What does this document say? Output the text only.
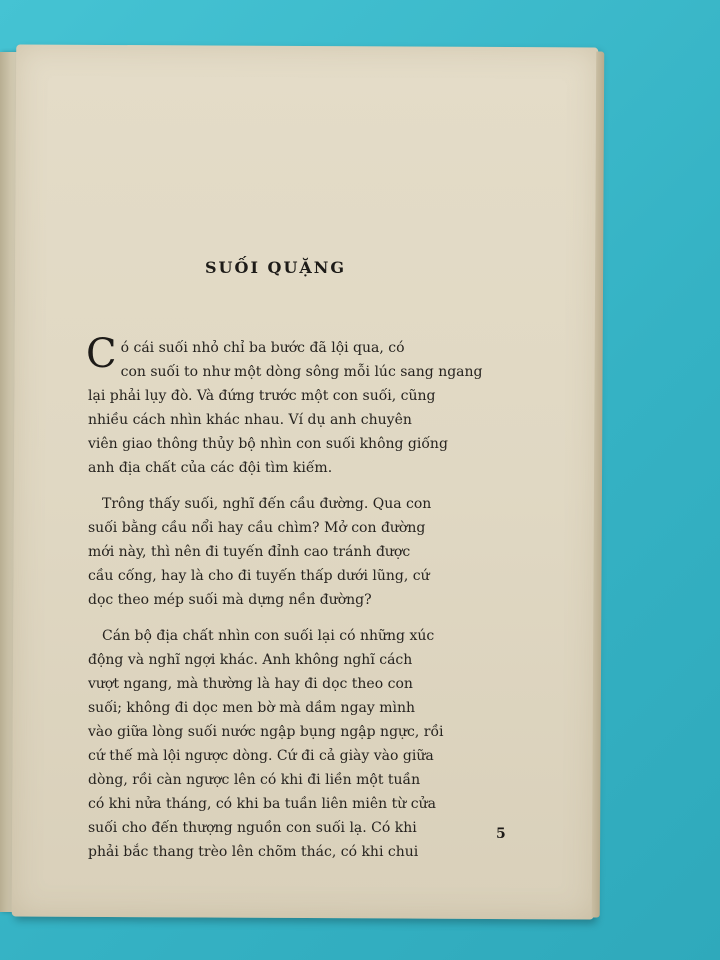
SUỐI QUẶNG

C ó cái suối nhỏ chỉ ba bước đã lội qua, có
con suối to như một dòng sông mỗi lúc sang ngang
lại phải lụy đò. Và đứng trước một con suối, cũng
nhiều cách nhìn khác nhau. Ví dụ anh chuyên
viên giao thông thủy bộ nhìn con suối không giống
anh địa chất của các đội tìm kiếm.

Trông thấy suối, nghĩ đến cầu đường. Qua con
suối bằng cầu nổi hay cầu chìm? Mở con đường
mới này, thì nên đi tuyến đỉnh cao tránh được
cầu cống, hay là cho đi tuyến thấp dưới lũng, cứ
dọc theo mép suối mà dựng nền đường?

Cán bộ địa chất nhìn con suối lại có những xúc
động và nghĩ ngợi khác. Anh không nghĩ cách
vượt ngang, mà thường là hay đi dọc theo con
suối; không đi dọc men bờ mà dầm ngay mình
vào giữa lòng suối nước ngập bụng ngập ngực, rồi
cứ thế mà lội ngược dòng. Cứ đi cả giày vào giữa
dòng, rồi càn ngược lên có khi đi liền một tuần
có khi nửa tháng, có khi ba tuần liên miên từ cửa
suối cho đến thượng nguồn con suối lạ. Có khi
phải bắc thang trèo lên chõm thác, có khi chui

5
